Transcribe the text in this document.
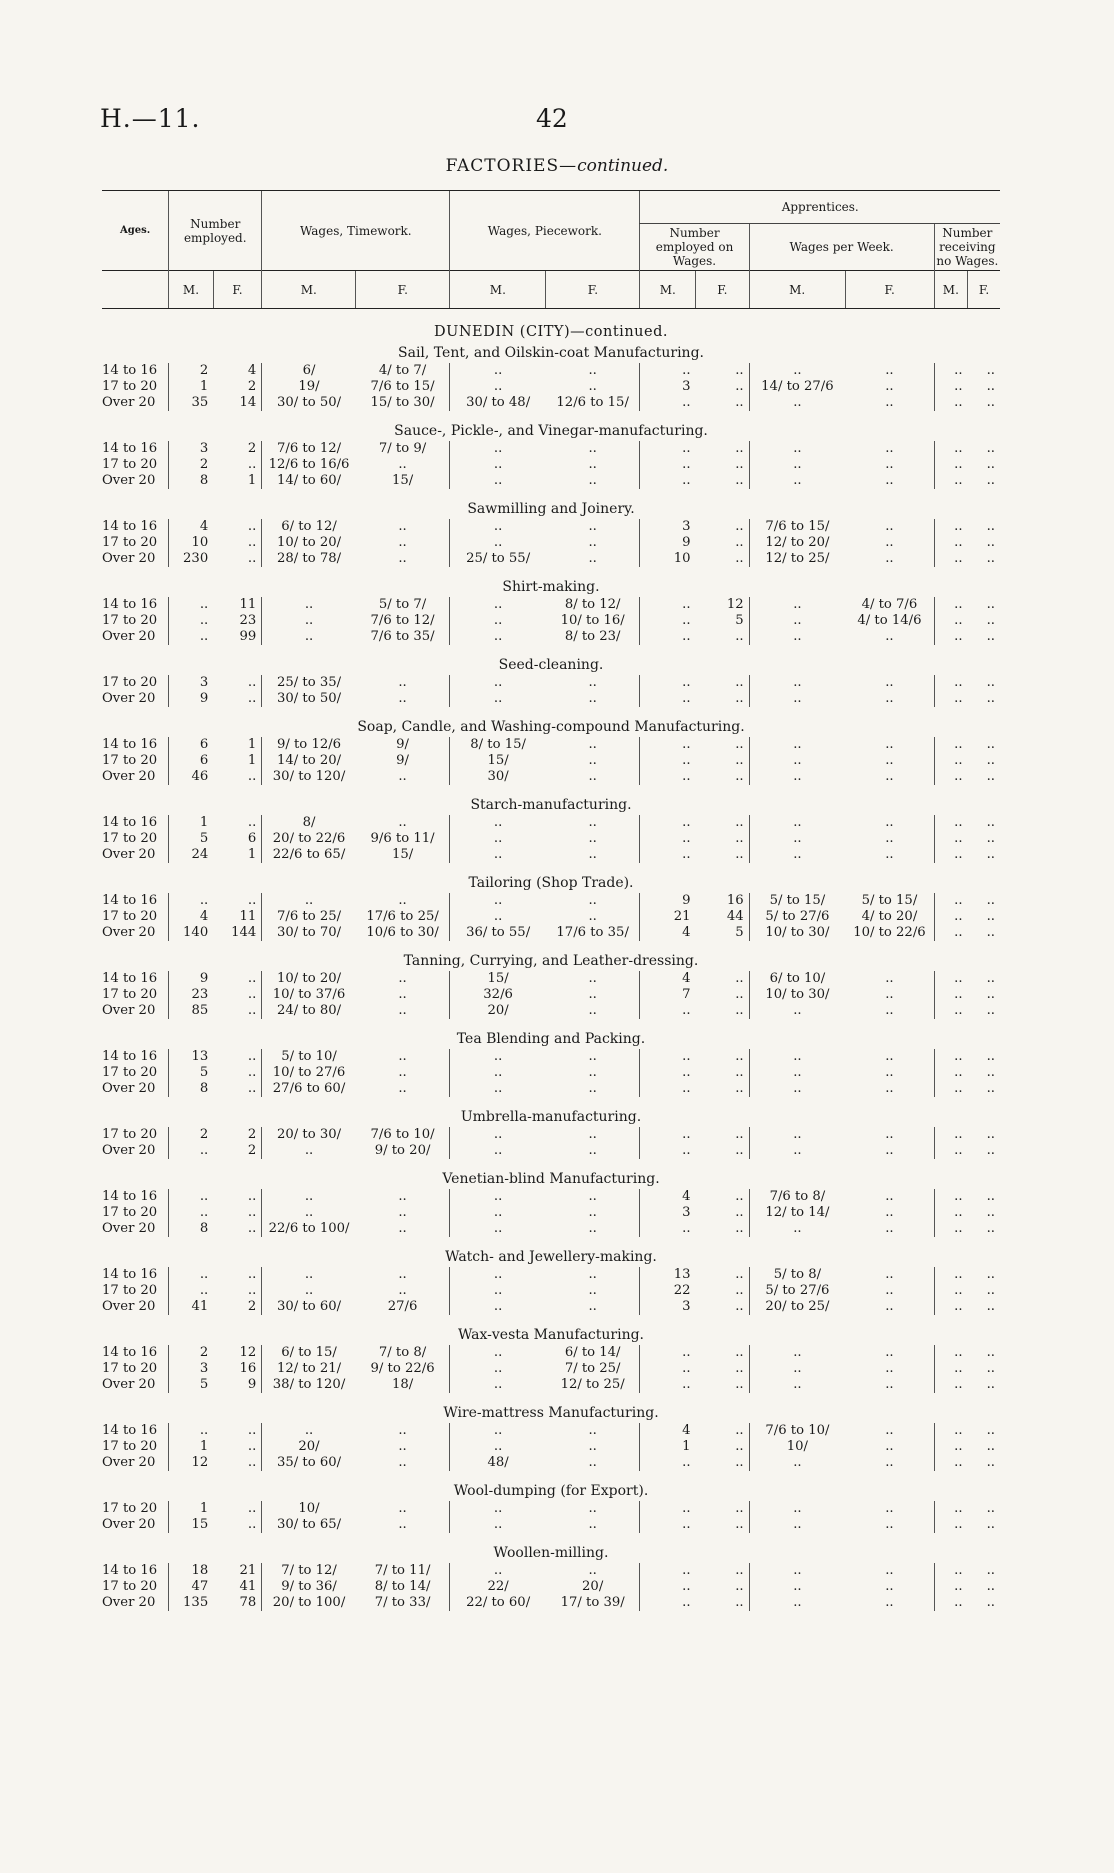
H.—11.	42
FACTORIES—continued.
Ages.	Number employed.		Wages, Timework.		Wages, Piecework.		Apprentices.					
							Number employed on Wages.		Wages per Week.		Number receiving no Wages.	
	M.	F.	M.	F.	M.	F.	M.	F.	M.	F.	M.	F.
DUNEDIN (CITY)—continued.												
Sail, Tent, and Oilskin-coat Manufacturing.												
14 to 16	2	4	6/	4/ to 7/	..	..	..	..	..	..	..	..
17 to 20	1	2	19/	7/6 to 15/	..	..	3	..	14/ to 27/6	..	..	..
Over 20	35	14	30/ to 50/	15/ to 30/	30/ to 48/	12/6 to 15/	..	..	..	..	..	..

Sauce-, Pickle-, and Vinegar-manufacturing.												
14 to 16	3	2	7/6 to 12/	7/ to 9/	..	..	..	..	..	..	..	..
17 to 20	2	..	12/6 to 16/6	..	..	..	..	..	..	..	..	..
Over 20	8	1	14/ to 60/	15/	..	..	..	..	..	..	..	..

Sawmilling and Joinery.												
14 to 16	4	..	6/ to 12/	..	..	..	3	..	7/6 to 15/	..	..	..
17 to 20	10	..	10/ to 20/	..	..	..	9	..	12/ to 20/	..	..	..
Over 20	230	..	28/ to 78/	..	25/ to 55/	..	10	..	12/ to 25/	..	..	..

Shirt-making.												
14 to 16	..	11	..	5/ to 7/	..	8/ to 12/	..	12	..	4/ to 7/6	..	..
17 to 20	..	23	..	7/6 to 12/	..	10/ to 16/	..	5	..	4/ to 14/6	..	..
Over 20	..	99	..	7/6 to 35/	..	8/ to 23/	..	..	..	..	..	..

Seed-cleaning.												
17 to 20	3	..	25/ to 35/	..	..	..	..	..	..	..	..	..
Over 20	9	..	30/ to 50/	..	..	..	..	..	..	..	..	..

Soap, Candle, and Washing-compound Manufacturing.												
14 to 16	6	1	9/ to 12/6	9/	8/ to 15/	..	..	..	..	..	..	..
17 to 20	6	1	14/ to 20/	9/	15/	..	..	..	..	..	..	..
Over 20	46	..	30/ to 120/	..	30/	..	..	..	..	..	..	..

Starch-manufacturing.												
14 to 16	1	..	8/	..	..	..	..	..	..	..	..	..
17 to 20	5	6	20/ to 22/6	9/6 to 11/	..	..	..	..	..	..	..	..
Over 20	24	1	22/6 to 65/	15/	..	..	..	..	..	..	..	..

Tailoring (Shop Trade).												
14 to 16	..	..	..	..	..	..	9	16	5/ to 15/	5/ to 15/	..	..
17 to 20	4	11	7/6 to 25/	17/6 to 25/	..	..	21	44	5/ to 27/6	4/ to 20/	..	..
Over 20	140	144	30/ to 70/	10/6 to 30/	36/ to 55/	17/6 to 35/	4	5	10/ to 30/	10/ to 22/6	..	..

Tanning, Currying, and Leather-dressing.												
14 to 16	9	..	10/ to 20/	..	15/	..	4	..	6/ to 10/	..	..	..
17 to 20	23	..	10/ to 37/6	..	32/6	..	7	..	10/ to 30/	..	..	..
Over 20	85	..	24/ to 80/	..	20/	..	..	..	..	..	..	..

Tea Blending and Packing.												
14 to 16	13	..	5/ to 10/	..	..	..	..	..	..	..	..	..
17 to 20	5	..	10/ to 27/6	..	..	..	..	..	..	..	..	..
Over 20	8	..	27/6 to 60/	..	..	..	..	..	..	..	..	..

Umbrella-manufacturing.												
17 to 20	2	2	20/ to 30/	7/6 to 10/	..	..	..	..	..	..	..	..
Over 20	..	2	..	9/ to 20/	..	..	..	..	..	..	..	..

Venetian-blind Manufacturing.												
14 to 16	..	..	..	..	..	..	4	..	7/6 to 8/	..	..	..
17 to 20	..	..	..	..	..	..	3	..	12/ to 14/	..	..	..
Over 20	8	..	22/6 to 100/	..	..	..	..	..	..	..	..	..

Watch- and Jewellery-making.												
14 to 16	..	..	..	..	..	..	13	..	5/ to 8/	..	..	..
17 to 20	..	..	..	..	..	..	22	..	5/ to 27/6	..	..	..
Over 20	41	2	30/ to 60/	27/6	..	..	3	..	20/ to 25/	..	..	..

Wax-vesta Manufacturing.												
14 to 16	2	12	6/ to 15/	7/ to 8/	..	6/ to 14/	..	..	..	..	..	..
17 to 20	3	16	12/ to 21/	9/ to 22/6	..	7/ to 25/	..	..	..	..	..	..
Over 20	5	9	38/ to 120/	18/	..	12/ to 25/	..	..	..	..	..	..

Wire-mattress Manufacturing.												
14 to 16	..	..	..	..	..	..	4	..	7/6 to 10/	..	..	..
17 to 20	1	..	20/	..	..	..	1	..	10/	..	..	..
Over 20	12	..	35/ to 60/	..	48/	..	..	..	..	..	..	..

Wool-dumping (for Export).												
17 to 20	1	..	10/	..	..	..	..	..	..	..	..	..
Over 20	15	..	30/ to 65/	..	..	..	..	..	..	..	..	..

Woollen-milling.												
14 to 16	18	21	7/ to 12/	7/ to 11/	..	..	..	..	..	..	..	..
17 to 20	47	41	9/ to 36/	8/ to 14/	22/	20/	..	..	..	..	..	..
Over 20	135	78	20/ to 100/	7/ to 33/	22/ to 60/	17/ to 39/	..	..	..	..	..	..
